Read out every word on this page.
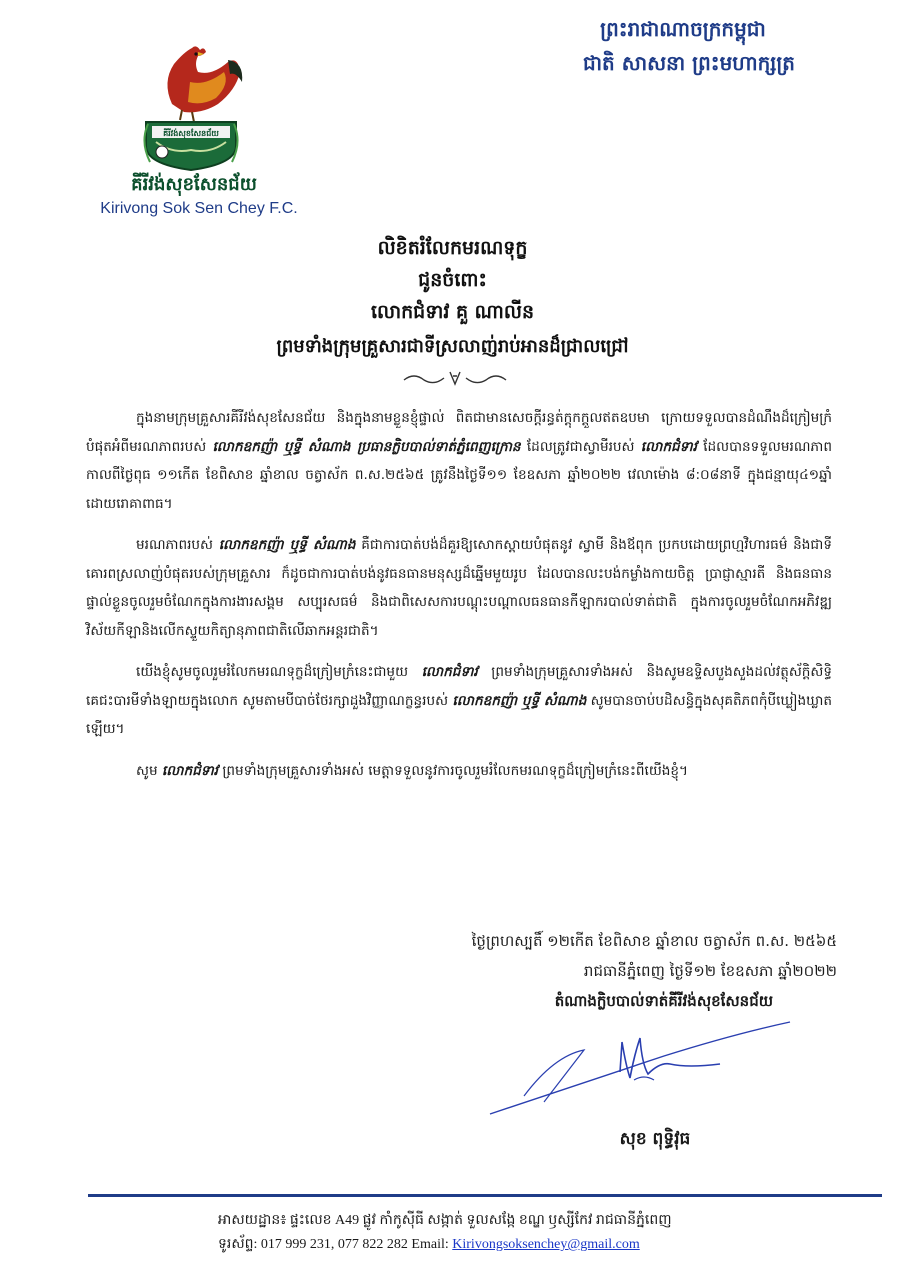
គីរីវង់សុខសែនជ័យ
គីរីវង់សុខសែនជ័យ
Kirivong Sok Sen Chey F.C.
ព្រះរាជាណាចក្រកម្ពុជា
ជាតិ សាសនា ព្រះមហាក្សត្រ
លិខិតរំលែកមរណទុក្ខ
ជូនចំពោះ
លោកជំទាវ គួ ណាលីន
ព្រមទាំងក្រុមគ្រួសារជាទីស្រលាញ់រាប់អានដ៏ជ្រាលជ្រៅ

ក្នុងនាមក្រុមគ្រួសារគីរីវង់សុខសែនជ័យ និងក្នុងនាមខ្លួនខ្ញុំផ្ទាល់ ពិតជាមានសេចក្តីរន្ធត់ក្តុកក្តួលឥតឧបមា ក្រោយទទួលបានដំណឹងដ៏ក្រៀមក្រំបំផុតអំពីមរណភាពរបស់ លោកឧកញ៉ា ឬទ្ធី សំណាង ប្រធានក្លិបបាល់ទាត់ភ្នំពេញក្រោន ដែលត្រូវជាស្វាមីរបស់ លោកជំទាវ ដែលបានទទួលមរណភាពកាលពីថ្ងៃពុធ ១១កើត ខែពិសាខ ឆ្នាំខាល ចត្វាស័ក ព.ស.២៥៦៥ ត្រូវនឹងថ្ងៃទី១១ ខែឧសភា ឆ្នាំ២០២២ វេលាម៉ោង ៨:០៨នាទី ក្នុងជន្មាយុ៤១ឆ្នាំ ដោយរោគាពាធ។

មរណភាពរបស់ លោកឧកញ៉ា ឬទ្ធី សំណាង គឺជាការបាត់បង់ដ៏គួរឱ្យសោកស្តាយបំផុតនូវ ស្វាមី និងឪពុក ប្រកបដោយព្រហ្មវិហារធម៌ និងជាទីគោរពស្រលាញ់បំផុតរបស់ក្រុមគ្រួសារ ក៏ដូចជាការបាត់បង់នូវធនធានមនុស្សដ៏ឆ្នើមមួយរូប ដែលបានលះបង់កម្លាំងកាយចិត្ត ប្រាជ្ញាស្មារតី និងធនធានផ្ទាល់ខ្លួនចូលរួមចំណែកក្នុងការងារសង្គម សប្បុរសធម៌ និងជាពិសេសការបណ្តុះបណ្តាលធនធានកីឡាករបាល់ទាត់ជាតិ ក្នុងការចូលរួមចំណែកអភិវឌ្ឍវិស័យកីឡានិងលើកស្ទួយកិត្យានុភាពជាតិលើឆាកអន្តរជាតិ។

យើងខ្ញុំសូមចូលរួមរំលែកមរណទុក្ខដ៏ក្រៀមក្រំនេះជាមួយ លោកជំទាវ ព្រមទាំងក្រុមគ្រួសារទាំងអស់ និងសូមឧទ្ទិសបួងសួងដល់វត្ថុស័ក្តិសិទ្ធិ គេជះបារមីទាំងឡាយក្នុងលោក សូមតាមបីបាច់ថែរក្សាដួងវិញ្ញាណក្ខន្ធរបស់ លោកឧកញ៉ា ឬទ្ធី សំណាង សូមបានចាប់បដិសន្ធិក្នុងសុគតិភពកុំបីឃ្លៀងឃ្លាតឡើយ។

សូម លោកជំទាវ ព្រមទាំងក្រុមគ្រួសារទាំងអស់ មេត្តាទទួលនូវការចូលរួមរំលែកមរណទុក្ខដ៏ក្រៀមក្រំនេះពីយើងខ្ញុំ។

ថ្ងៃព្រហស្បតិ៍ ១២កើត ខែពិសាខ ឆ្នាំខាល ចត្វាស័ក ព.ស. ២៥៦៥
រាជធានីភ្នំពេញ ថ្ងៃទី១២ ខែឧសភា ឆ្នាំ២០២២
តំណាងក្លិបបាល់ទាត់គីរីវង់សុខសែនជ័យ
សុខ ពុទ្ធិវុធ
អាសយដ្ឋាន៖ ផ្ទះលេខ A49 ផ្លូវ កាំកូស៊ីធី សង្កាត់ ទួលសង្កែ ខណ្ឌ ឫស្សីកែវ រាជធានីភ្នំពេញ
ទូរស័ព្ទ: 017 999 231, 077 822 282 Email: Kirivongsoksenchey@gmail.com
